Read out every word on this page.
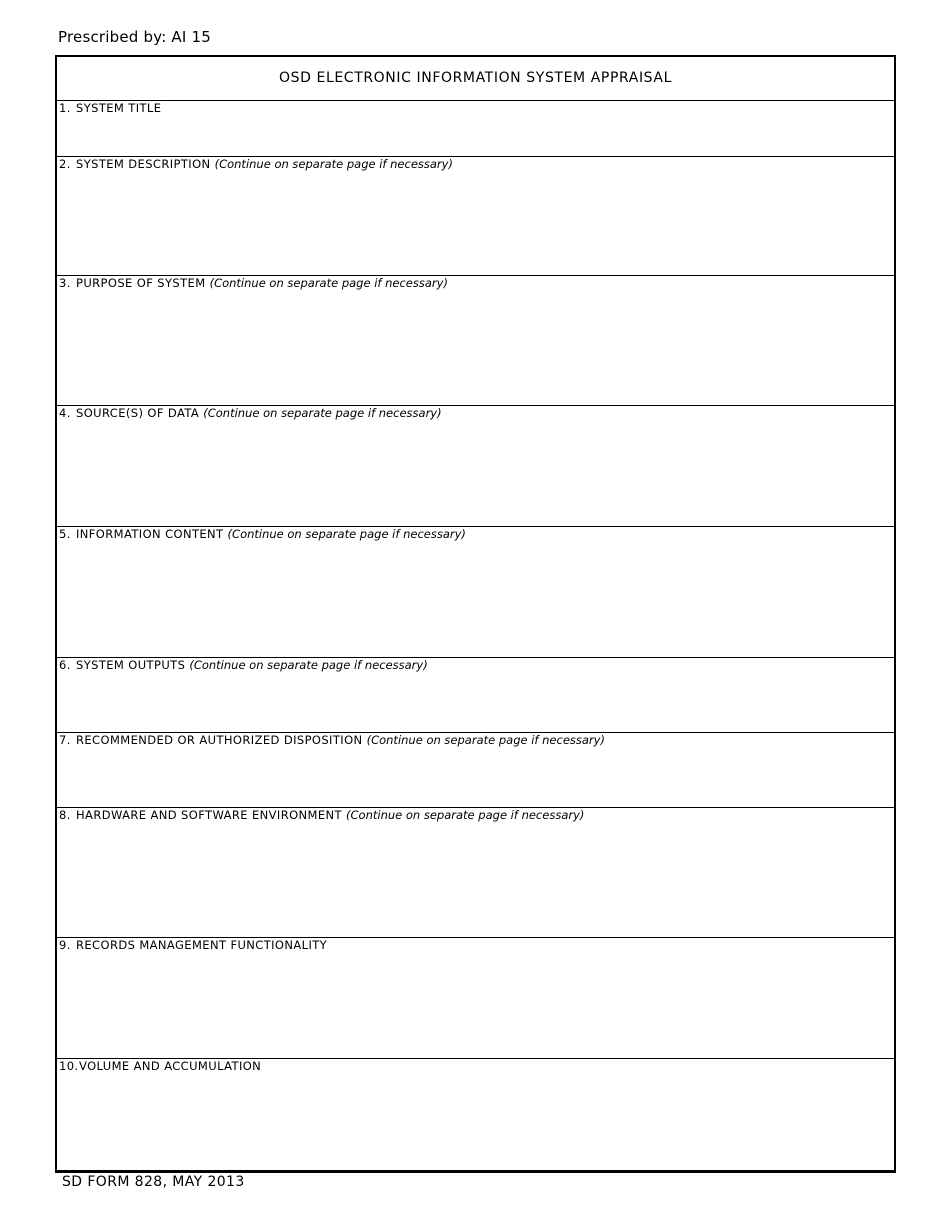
Prescribed by: AI 15
OSD ELECTRONIC INFORMATION SYSTEM APPRAISAL
1. SYSTEM TITLE
2. SYSTEM DESCRIPTION (Continue on separate page if necessary)
3. PURPOSE OF SYSTEM (Continue on separate page if necessary)
4. SOURCE(S) OF DATA (Continue on separate page if necessary)
5. INFORMATION CONTENT (Continue on separate page if necessary)
6. SYSTEM OUTPUTS (Continue on separate page if necessary)
7. RECOMMENDED OR AUTHORIZED DISPOSITION (Continue on separate page if necessary)
8. HARDWARE AND SOFTWARE ENVIRONMENT (Continue on separate page if necessary)
9. RECORDS MANAGEMENT FUNCTIONALITY
10.VOLUME AND ACCUMULATION
SD FORM 828, MAY 2013
